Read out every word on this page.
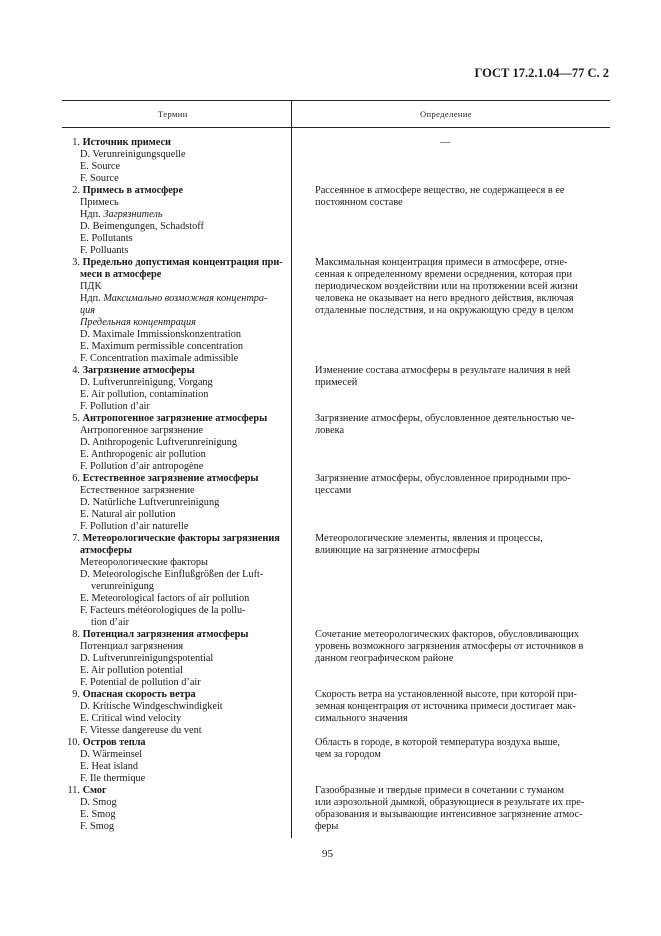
ГОСТ 17.2.1.04—77 С. 2
Термин	Определение
—
1. Источник примеси
D. Verunreinigungsquelle
E. Source
F. Source
2. Примесь в атмосфере
Примесь
Ндп. Загрязнитель
D. Beimengungen, Schadstoff
E. Pollutants
F. Polluants
Рассеянное в атмосфере вещество, не содержащееся в ее
постоянном составе
3. Предельно допустимая концентрация при-
меси в атмосфере
ПДК
Ндп. Максимально возможная концентра-
ция
Предельная концентрация
D. Maximale Immissionskonzentration
E. Maximum permissible concentration
F. Concentration maximale admissible
Максимальная концентрация примеси в атмосфере, отне-
сенная к определенному времени осреднения, которая при
периодическом воздействии или на протяжении всей жизни
человека не оказывает на него вредного действия, включая
отдаленные последствия, и на окружающую среду в целом
4. Загрязнение атмосферы
D. Luftverunreinigung, Vorgang
E. Air pollution, contamination
F. Pollution d’air
Изменение состава атмосферы в результате наличия в ней
примесей
5. Антропогенное загрязнение атмосферы
Антропогенное загрязнение
D. Anthropogenic Luftverunreinigung
E. Anthropogenic air pollution
F. Pollution d’air antropogène
Загрязнение атмосферы, обусловленное деятельностью че-
ловека
6. Естественное загрязнение атмосферы
Естественное загрязнение
D. Natürliche Luftverunreinigung
E. Natural air pollution
F. Pollution d’air naturelle
Загрязнение атмосферы, обусловленное природными про-
цессами
7. Метеорологические факторы загрязнения
атмосферы
Метеорологические факторы
D. Meteorologische Einflußgrößen der Luft-
verunreinigung
E. Meteorological factors of air pollution
F. Facteurs météorologiques de la pollu-
tion d’air
Метеорологические элементы, явления и процессы,
влияющие на загрязнение атмосферы
8. Потенциал загрязнения атмосферы
Потенциал загрязнения
D. Luftverunreinigungspotential
E. Air pollution potential
F. Potential de pollution d’air
Сочетание метеорологических факторов, обусловливающих
уровень возможного загрязнения атмосферы от источников в
данном географическом районе
9. Опасная скорость ветра
D. Kritische Windgeschwindigkeit
E. Critical wind velocity
F. Vitesse dangereuse du vent
Скорость ветра на установленной высоте, при которой при-
земная концентрация от источника примеси достигает мак-
симального значения
10. Остров тепла
D. Wärmeinsel
E. Heat island
F. Ile thermique
Область в городе, в которой температура воздуха выше,
чем за городом
11. Смог
D. Smog
E. Smog
F. Smog
Газообразные и твердые примеси в сочетании с туманом
или аэрозольной дымкой, образующиеся в результате их пре-
образования и вызывающие интенсивное загрязнение атмос-
феры
95
